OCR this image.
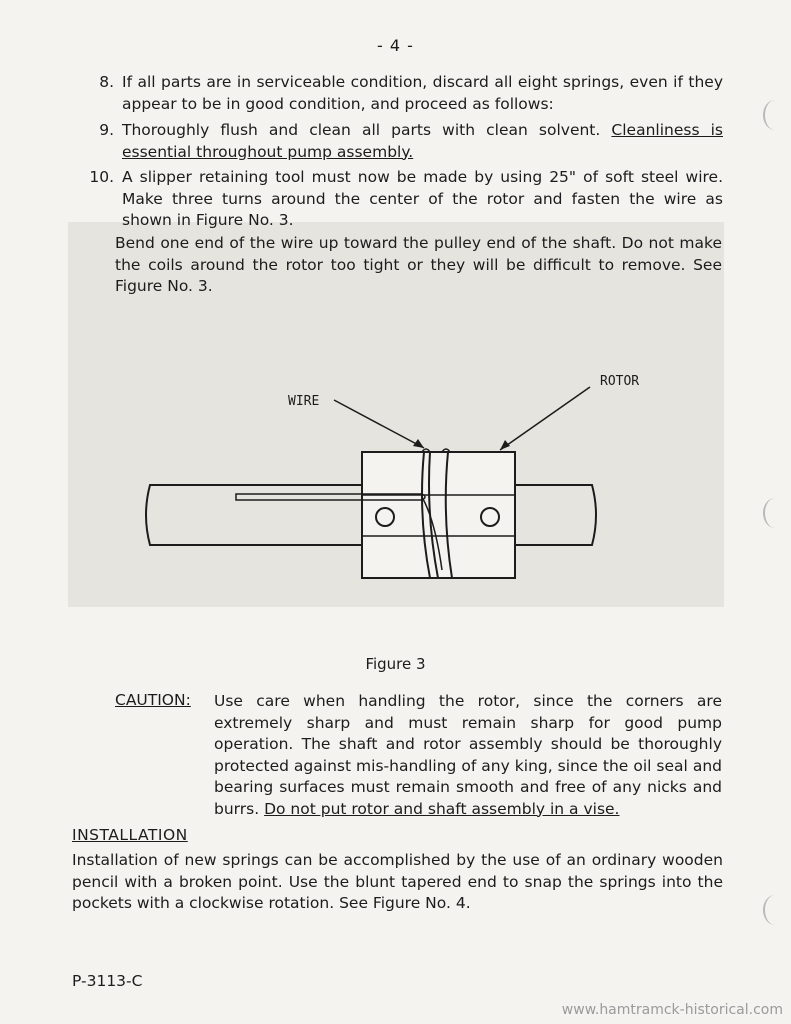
- 4 -
8. If all parts are in serviceable condition, discard all eight springs, even if they appear to be in good condition, and proceed as follows:
9. Thoroughly flush and clean all parts with clean solvent. Cleanliness is essential throughout pump assembly.
10. A slipper retaining tool must now be made by using 25" of soft steel wire. Make three turns around the center of the rotor and fasten the wire as shown in Figure No. 3.
Bend one end of the wire up toward the pulley end of the shaft. Do not make the coils around the rotor too tight or they will be difficult to remove. See Figure No. 3.
WIRE
ROTOR
Figure 3
CAUTION: Use care when handling the rotor, since the corners are extremely sharp and must remain sharp for good pump operation. The shaft and rotor assembly should be thoroughly protected against mis-handling of any king, since the oil seal and bearing surfaces must remain smooth and free of any nicks and burrs. Do not put rotor and shaft assembly in a vise.
INSTALLATION
Installation of new springs can be accomplished by the use of an ordinary wooden pencil with a broken point. Use the blunt tapered end to snap the springs into the pockets with a clockwise rotation. See Figure No. 4.
P-3113-C
www.hamtramck-historical.com
